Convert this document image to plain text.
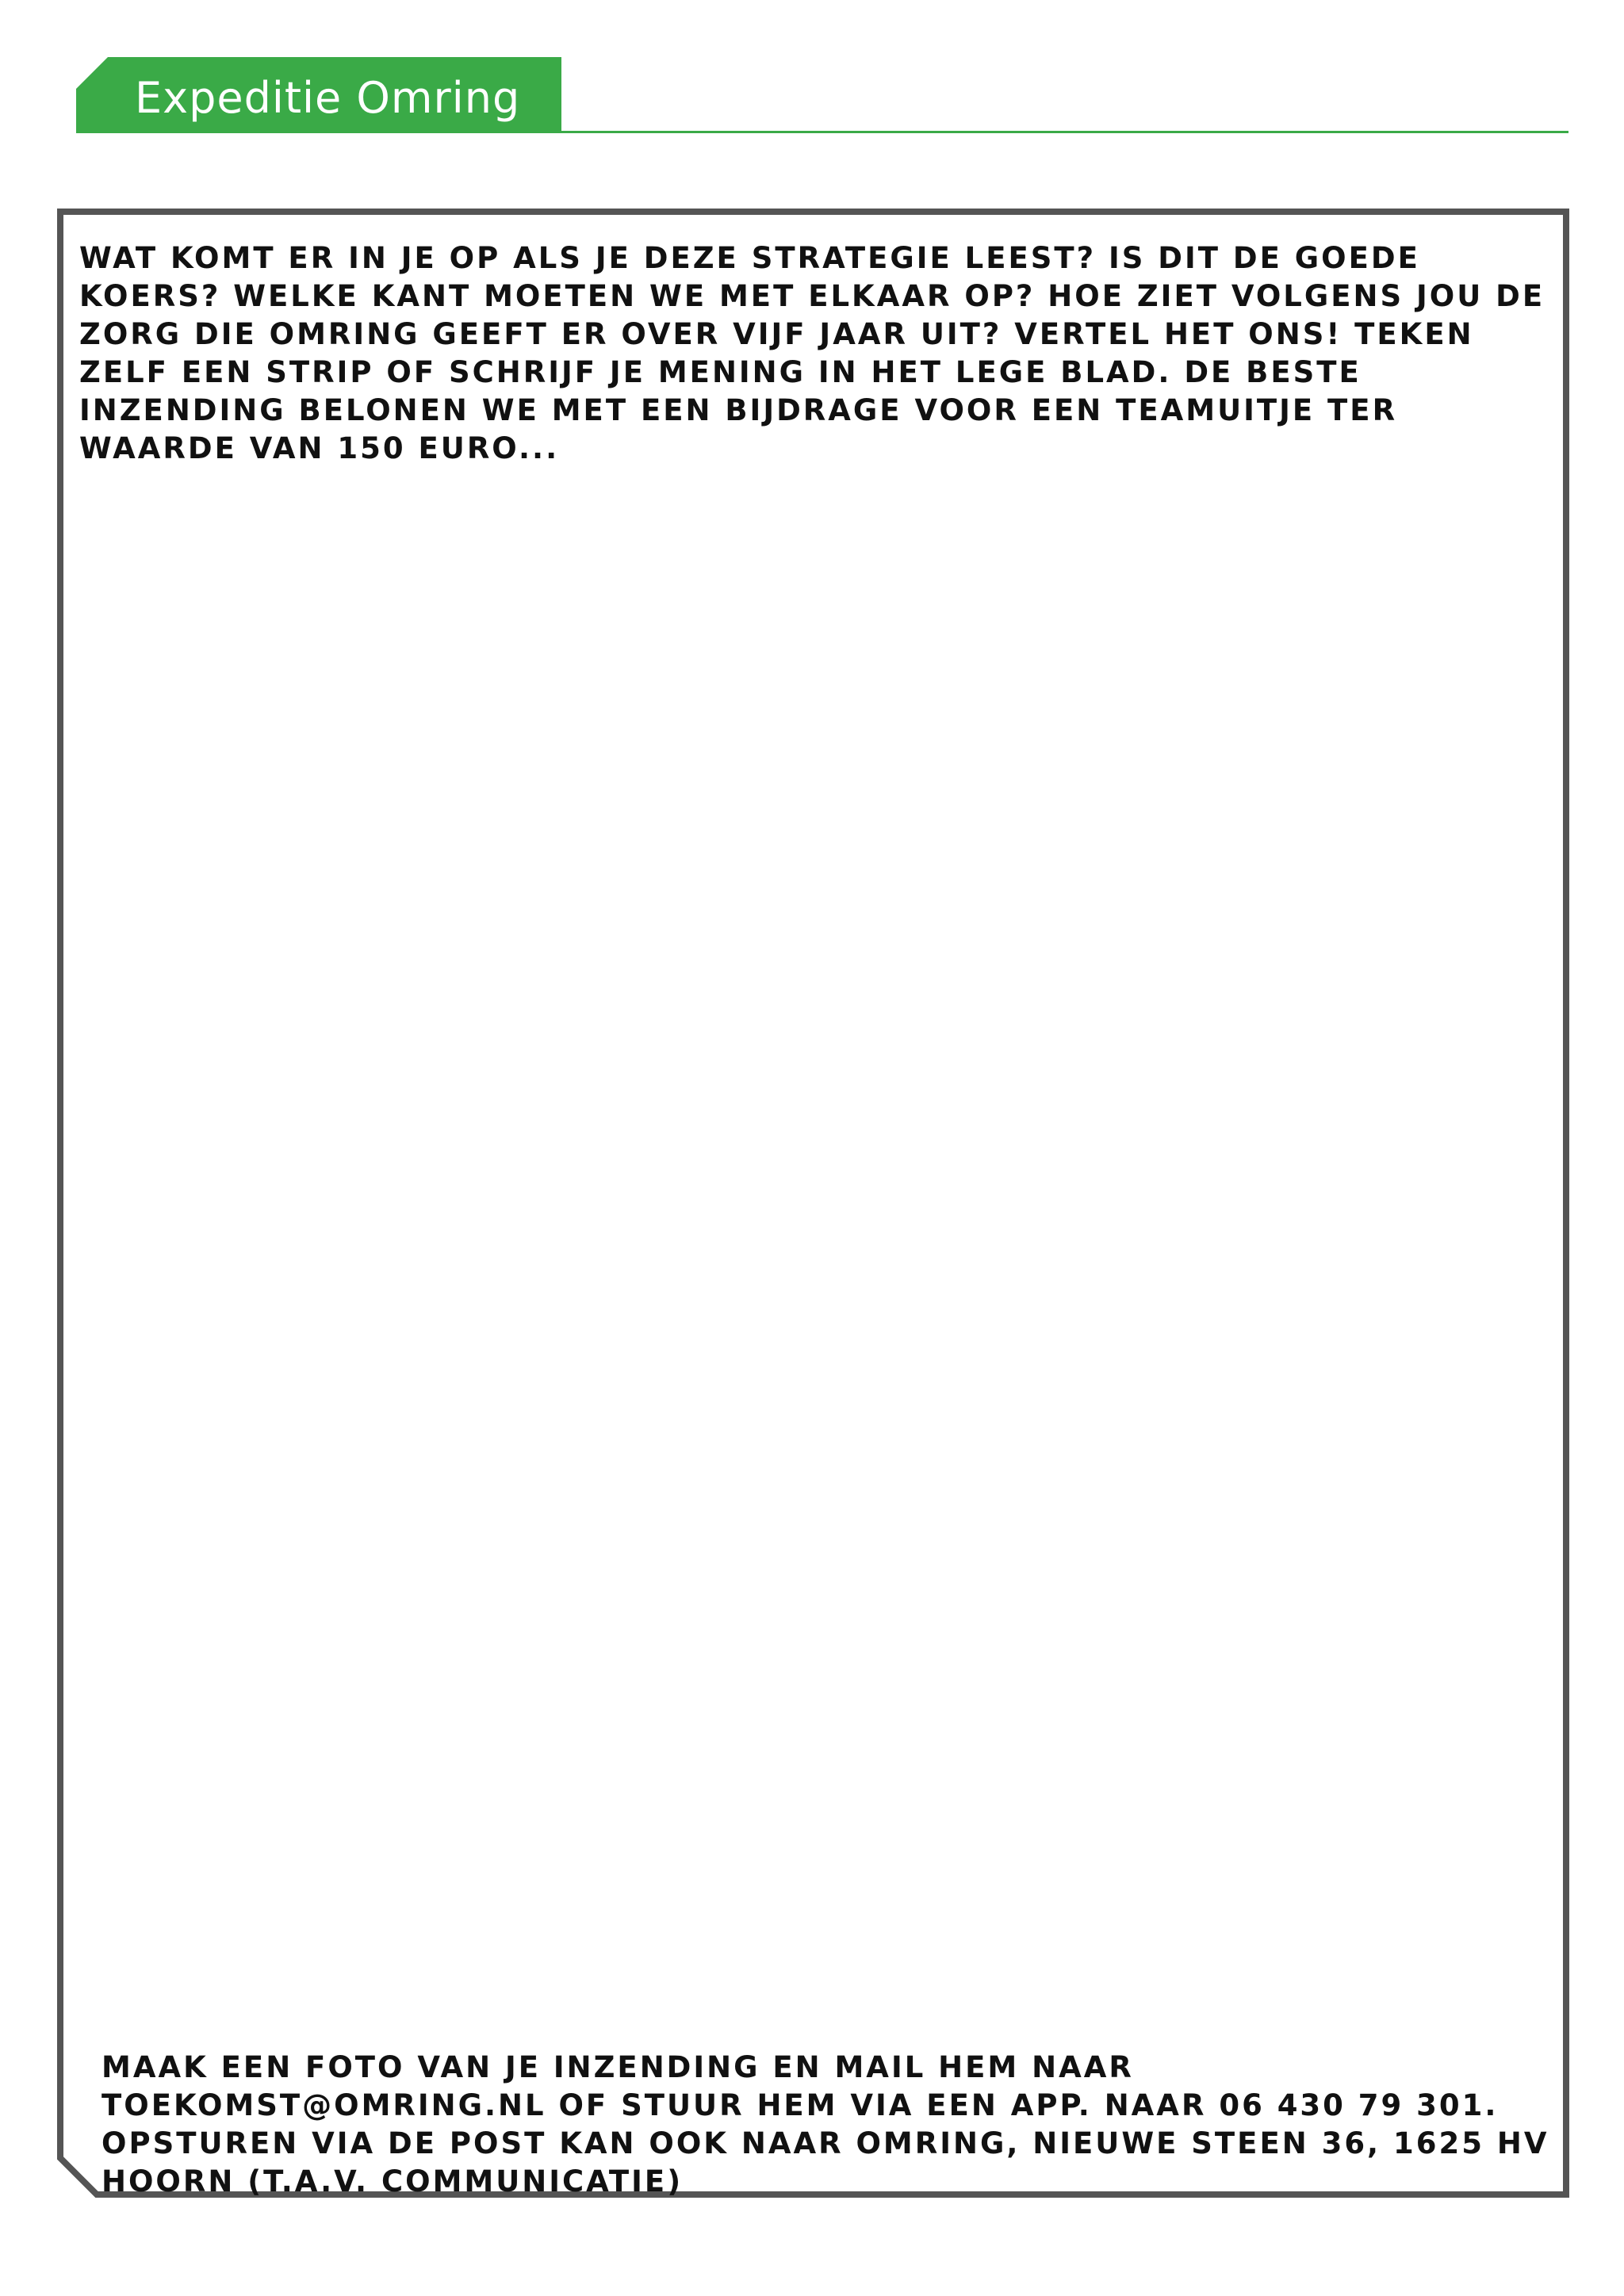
Expeditie Omring

WAT KOMT ER IN JE OP ALS JE DEZE STRATEGIE LEEST? IS DIT DE GOEDE KOERS? WELKE KANT MOETEN WE MET ELKAAR OP? HOE ZIET VOLGENS JOU DE ZORG DIE OMRING GEEFT ER OVER VIJF JAAR UIT? VERTEL HET ONS! TEKEN ZELF EEN STRIP OF SCHRIJF JE MENING IN HET LEGE BLAD. DE BESTE INZENDING BELONEN WE MET EEN BIJDRAGE VOOR EEN TEAMUITJE TER WAARDE VAN 150 EURO...

MAAK EEN FOTO VAN JE INZENDING EN MAIL HEM NAAR TOEKOMST@OMRING.NL OF STUUR HEM VIA EEN APP. NAAR 06 430 79 301. OPSTUREN VIA DE POST KAN OOK NAAR OMRING, NIEUWE STEEN 36, 1625 HV HOORN (T.A.V. COMMUNICATIE)
